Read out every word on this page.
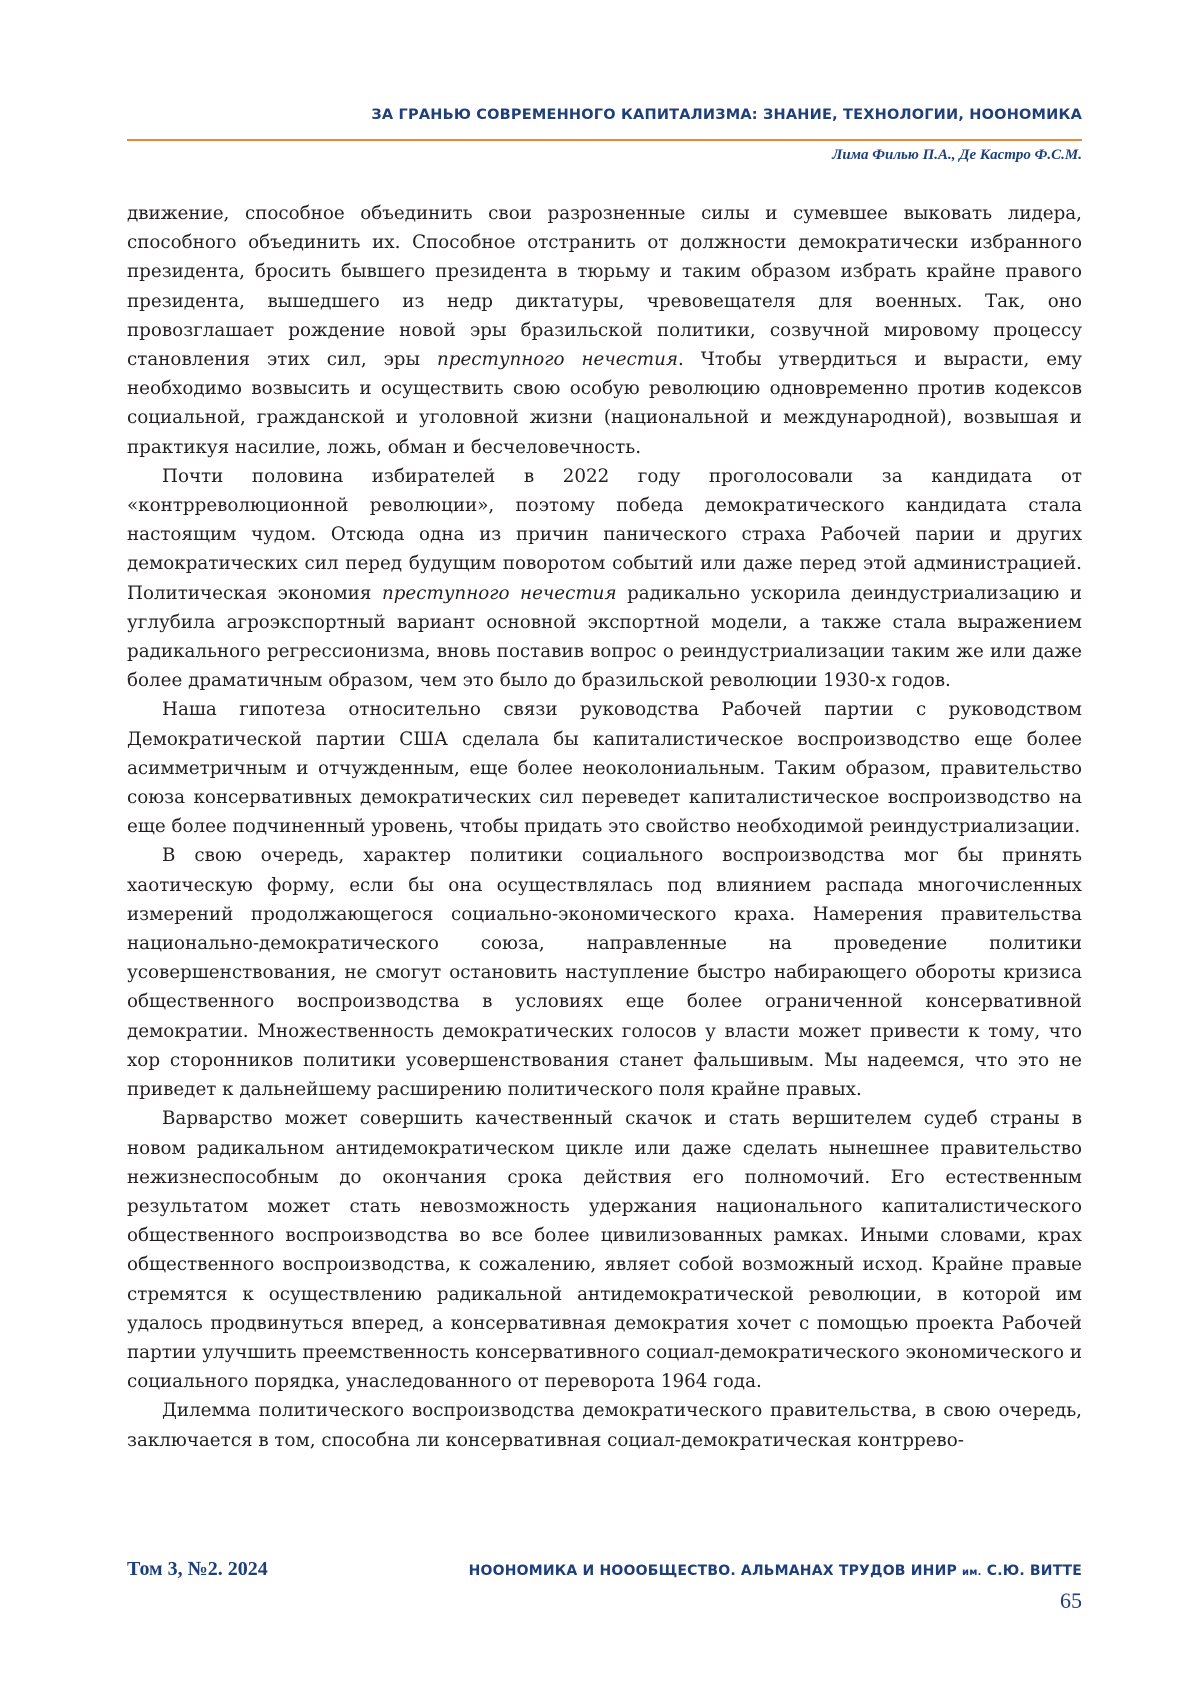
ЗА ГРАНЬЮ СОВРЕМЕННОГО КАПИТАЛИЗМА: ЗНАНИЕ, ТЕХНОЛОГИИ, НООНОМИКА
Лима Филью П.А., Де Кастро Ф.С.М.

движение, способное объединить свои разрозненные силы и сумевшее выковать лидера, способного объединить их. Способное отстранить от должности демократически избранного президента, бросить бывшего президента в тюрьму и таким образом избрать крайне правого президента, вышедшего из недр диктатуры, чревовещателя для военных. Так, оно провозглашает рождение новой эры бразильской политики, созвучной мировому процессу становления этих сил, эры преступного нечестия. Чтобы утвердиться и вырасти, ему необходимо возвысить и осуществить свою особую революцию одновременно против кодексов социальной, гражданской и уголовной жизни (национальной и международной), возвышая и практикуя насилие, ложь, обман и бесчеловечность.

Почти половина избирателей в 2022 году проголосовали за кандидата от «контрреволюционной революции», поэтому победа демократического кандидата стала настоящим чудом. Отсюда одна из причин панического страха Рабочей парии и других демократических сил перед будущим поворотом событий или даже перед этой администрацией. Политическая экономия преступного нечестия радикально ускорила деиндустриализацию и углубила агроэкспортный вариант основной экспортной модели, а также стала выражением радикального регрессионизма, вновь поставив вопрос о реиндустриализации таким же или даже более драматичным образом, чем это было до бразильской революции 1930-х годов.

Наша гипотеза относительно связи руководства Рабочей партии с руководством Демократической партии США сделала бы капиталистическое воспроизводство еще более асимметричным и отчужденным, еще более неоколониальным. Таким образом, правительство союза консервативных демократических сил переведет капиталистическое воспроизводство на еще более подчиненный уровень, чтобы придать это свойство необходимой реиндустриализации.

В свою очередь, характер политики социального воспроизводства мог бы принять хаотическую форму, если бы она осуществлялась под влиянием распада многочисленных измерений продолжающегося социально-экономического краха. Намерения правительства национально-демократического союза, направленные на проведение политики усовершенствования, не смогут остановить наступление быстро набирающего обороты кризиса общественного воспроизводства в условиях еще более ограниченной консервативной демократии. Множественность демократических голосов у власти может привести к тому, что хор сторонников политики усовершенствования станет фальшивым. Мы надеемся, что это не приведет к дальнейшему расширению политического поля крайне правых.

Варварство может совершить качественный скачок и стать вершителем судеб страны в новом радикальном антидемократическом цикле или даже сделать нынешнее правительство нежизнеспособным до окончания срока действия его полномочий. Его естественным результатом может стать невозможность удержания национального капиталистического общественного воспроизводства во все более цивилизованных рамках. Иными словами, крах общественного воспроизводства, к сожалению, являет собой возможный исход. Крайне правые стремятся к осуществлению радикальной антидемократической революции, в которой им удалось продвинуться вперед, а консервативная демократия хочет с помощью проекта Рабочей партии улучшить преемственность консервативного социал-демократического экономического и социального порядка, унаследованного от переворота 1964 года.

Дилемма политического воспроизводства демократического правительства, в свою очередь, заключается в том, способна ли консервативная социал-демократическая контррево-

Том 3, №2. 2024	НООНОМИКА И НОООБЩЕСТВО. АЛЬМАНАХ ТРУДОВ ИНИР им. С.Ю. ВИТТЕ
65
